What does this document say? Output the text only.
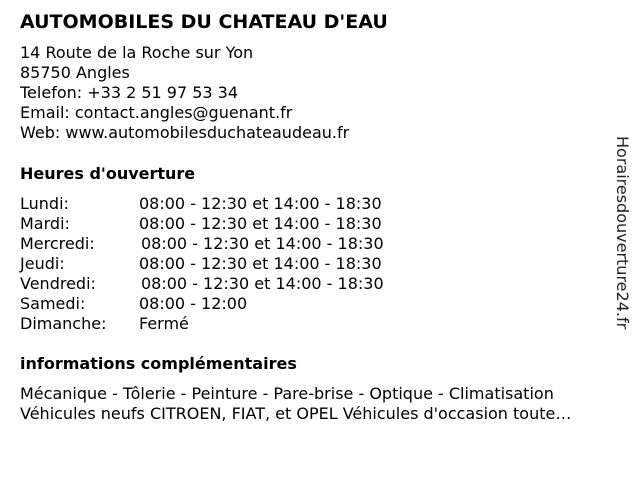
AUTOMOBILES DU CHATEAU D'EAU
14 Route de la Roche sur Yon
85750 Angles
Telefon: +33 2 51 97 53 34
Email: contact.angles@guenant.fr
Web: www.automobilesduchateaudeau.fr
Heures d'ouverture
Lundi:	08:00 - 12:30 et 14:00 - 18:30
Mardi:	08:00 - 12:30 et 14:00 - 18:30
Mercredi:	08:00 - 12:30 et 14:00 - 18:30
Jeudi:	08:00 - 12:30 et 14:00 - 18:30
Vendredi:	08:00 - 12:30 et 14:00 - 18:30
Samedi:	08:00 - 12:00
Dimanche: Fermé
informations complémentaires
Mécanique - Tôlerie - Peinture - Pare-brise - Optique - Climatisation
Véhicules neufs CITROEN, FIAT, et OPEL Véhicules d'occasion toute…
Horairesdouverture24.fr
